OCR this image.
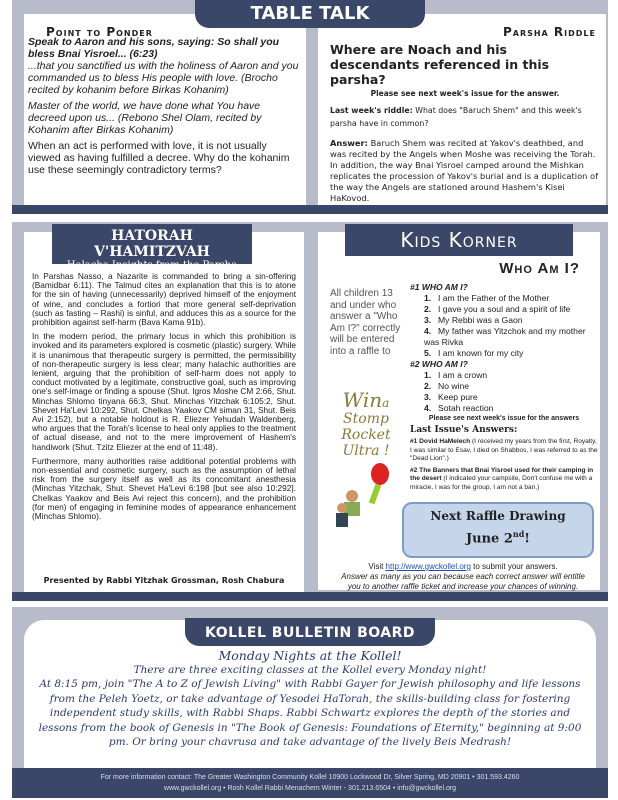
Point to Ponder

Speak to Aaron and his sons, saying: So shall you bless Bnai Yisroel... (6:23)

...that you sanctified us with the holiness of Aaron and you commanded us to bless His people with love. (Brocho recited by kohanim before Birkas Kohanim)

Master of the world, we have done what You have decreed upon us... (Rebono Shel Olam, recited by Kohanim after Birkas Kohanim)

When an act is performed with love, it is not usually viewed as having fulfilled a decree. Why do the kohanim use these seemingly contradictory terms?

Parsha Riddle
Where are Noach and his descendants referenced in this parsha?
Please see next week's issue for the answer.
Last week's riddle: What does "Baruch Shem" and this week's parsha have in common?
Answer: Baruch Shem was recited at Yakov's deathbed, and was recited by the Angels when Moshe was receiving the Torah. In addition, the way Bnai Yisroel camped around the Mishkan replicates the procession of Yakov's burial and is a duplication of the way the Angels are stationed around Hashem's Kisei HaKovod.
TABLE TALK

In Parshas Nasso, a Nazarite is commanded to bring a sin-offering (Bamidbar 6:11). The Talmud cites an explanation that this is to atone for the sin of having (unnecessarily) deprived himself of the enjoyment of wine, and concludes a fortiori that more general self-deprivation (such as fasting – Rashi) is sinful, and adduces this as a source for the prohibition against self-harm (Bava Kama 91b).

In the modern period, the primary locus in which this prohibition is invoked and its parameters explored is cosmetic (plastic) surgery. While it is unanimous that therapeutic surgery is permitted, the permissibility of non-therapeutic surgery is less clear; many halachic authorities are lenient, arguing that the prohibition of self-harm does not apply to conduct motivated by a legitimate, constructive goal, such as improving one's self-image or finding a spouse (Shut. Igros Moshe CM 2:66, Shut. Minchas Shlomo tinyana 66:3, Shut. Minchas Yitzchak 6:105:2, Shut. Shevet Ha'Levi 10:292, Shut. Chelkas Yaakov CM siman 31, Shut. Beis Avi 2:152), but a notable holdout is R. Eliezer Yehudah Waldenberg, who argues that the Torah's license to heal only applies to the treatment of actual disease, and not to the mere improvement of Hashem's handiwork (Shut. Tzitz Eliezer at the end of 11:48).

Furthermore, many authorities raise additional potential problems with non-essential and cosmetic surgery, such as the assumption of lethal risk from the surgery itself as well as its concomitant anesthesia (Minchas Yitzchak, Shut. Shevet Ha'Levi 6:198 [but see also 10:292]. Chelkas Yaakov and Beis Avi reject this concern), and the prohibition (for men) of engaging in feminine modes of appearance enhancement (Minchas Shlomo).

Presented by Rabbi Yitzhak Grossman, Rosh Chabura
HATORAH V'HAMITZVAH
Halacha Insights from the Parsha	Who Am I?
All children 13 and under who answer a "Who Am I?" correctly will be entered into a raffle to
Wina
Stomp
Rocket
Ultra !
#1 WHO AM I?
1. I am the Father of the Mother
2. I gave you a soul and a spirit of life
3. My Rebbi was a Gaon
4. My father was Yitzchok and my mother was Rivka
5. I am known for my city
#2 WHO AM I?
1. I am a crown
2. No wine
3. Keep pure
4. Sotah reaction
Please see next week's issue for the answers
Last Issue's Answers:
#1 Dovid HaMelech (I received my years from the first, Royalty, I was similar to Esav, I died on Shabbos, I was referred to as the "Dead Lion".)
#2 The Banners that Bnai Yisroel used for their camping in the desert (I indicated your campsite, Don't confuse me with a miracle, I was for the group, I am not a ban.)
Next Raffle Drawing
June 2nd!
Visit http://www.gwckollel.org to submit your answers.
Answer as many as you can because each correct answer will entitle you to another raffle ticket and increase your chances of winning.
Kids Korner
Monday Nights at the Kollel!
There are three exciting classes at the Kollel every Monday night!
At 8:15 pm, join "The A to Z of Jewish Living" with Rabbi Gayer for Jewish philosophy and life lessons from the Peleh Yoetz, or take advantage of Yesodei HaTorah, the skills-building class for fostering independent study skills, with Rabbi Shaps. Rabbi Schwartz explores the depth of the stories and lessons from the book of Genesis in "The Book of Genesis: Foundations of Eternity," beginning at 9:00 pm. Or bring your chavrusa and take advantage of the lively Beis Medrash!
KOLLEL BULLETIN BOARD
For more information contact: The Greater Washington Community Kollel 10900 Lockwood Dr, Silver Spring, MD 20901 • 301.593.4260
www.gwckollel.org • Rosh Kollel Rabbi Menachem Winter - 301.213.6504 • info@gwckollel.org
